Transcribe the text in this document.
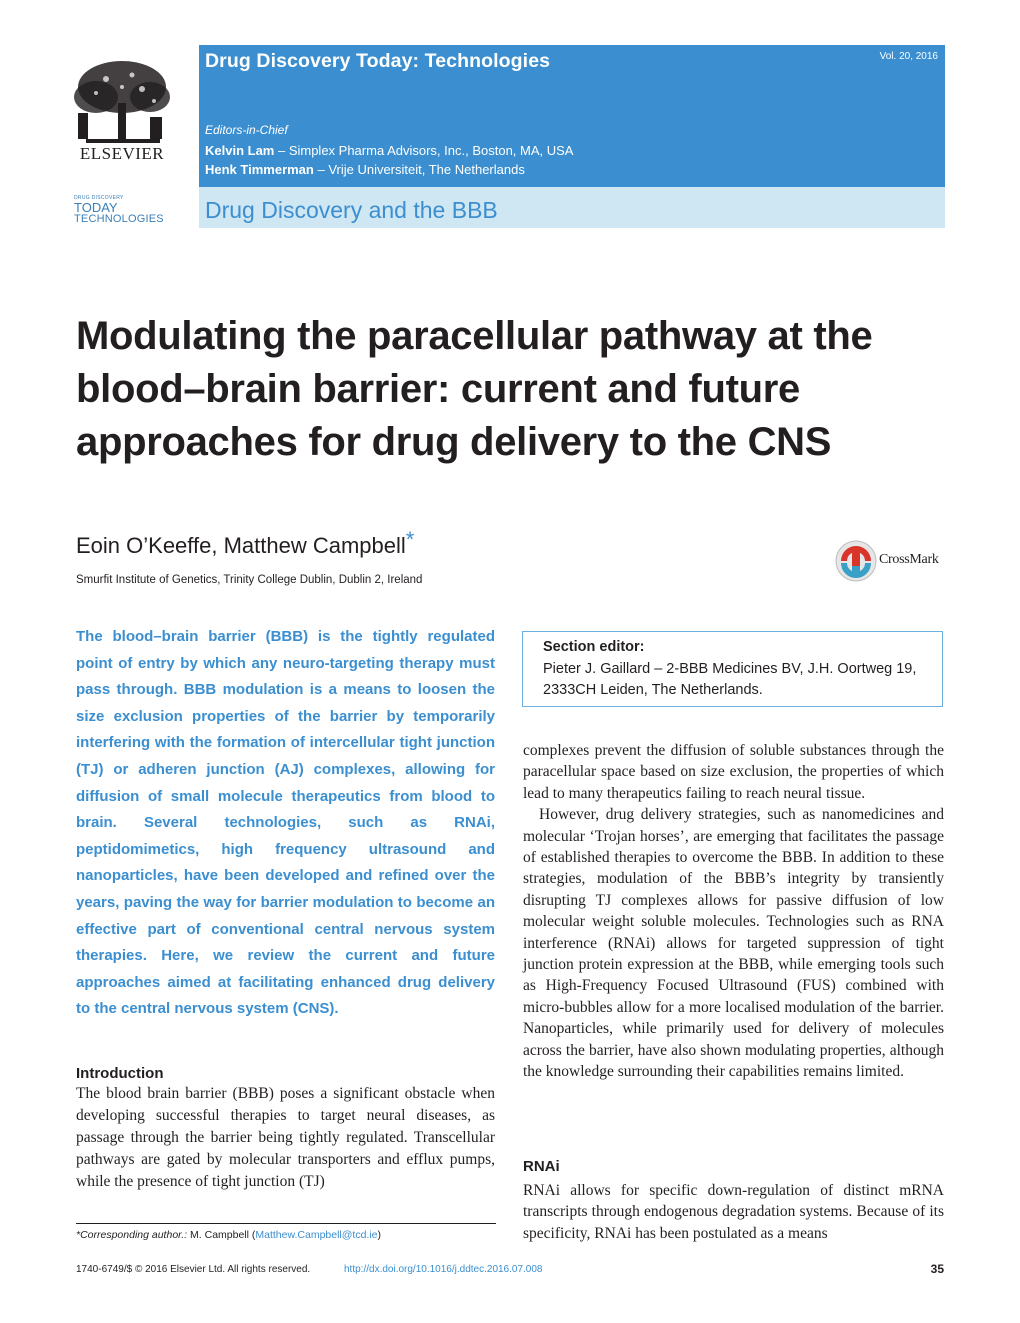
ELSEVIER
DRUG DISCOVERY
TODAY
TECHNOLOGIES
Drug Discovery Today: Technologies	Vol. 20, 2016
Editors-in-Chief
Kelvin Lam – Simplex Pharma Advisors, Inc., Boston, MA, USA
Henk Timmerman – Vrije Universiteit, The Netherlands
Drug Discovery and the BBB
Modulating the paracellular pathway at the blood–brain barrier: current and future approaches for drug delivery to the CNS
Eoin O’Keeffe, Matthew Campbell*
Smurfit Institute of Genetics, Trinity College Dublin, Dublin 2, Ireland
CrossMark
The blood–brain barrier (BBB) is the tightly regulated point of entry by which any neuro-targeting therapy must pass through. BBB modulation is a means to loosen the size exclusion properties of the barrier by temporarily interfering with the formation of intercellular tight junction (TJ) or adheren junction (AJ) complexes, allowing for diffusion of small molecule therapeutics from blood to brain. Several technologies, such as RNAi, peptidomimetics, high frequency ultrasound and nanoparticles, have been developed and refined over the years, paving the way for barrier modulation to become an effective part of conventional central nervous system therapies. Here, we review the current and future approaches aimed at facilitating enhanced drug delivery to the central nervous system (CNS).
Section editor:
Pieter J. Gaillard – 2-BBB Medicines BV, J.H. Oortweg 19, 2333CH Leiden, The Netherlands.
Introduction
The blood brain barrier (BBB) poses a significant obstacle when developing successful therapies to target neural diseases, as passage through the barrier being tightly regulated. Transcellular pathways are gated by molecular transporters and efflux pumps, while the presence of tight junction (TJ)

complexes prevent the diffusion of soluble substances through the paracellular space based on size exclusion, the properties of which lead to many therapeutics failing to reach neural tissue.

However, drug delivery strategies, such as nanomedicines and molecular ‘Trojan horses’, are emerging that facilitates the passage of established therapies to overcome the BBB. In addition to these strategies, modulation of the BBB’s integrity by transiently disrupting TJ complexes allows for passive diffusion of low molecular weight soluble molecules. Technologies such as RNA interference (RNAi) allows for targeted suppression of tight junction protein expression at the BBB, while emerging tools such as High-Frequency Focused Ultrasound (FUS) combined with micro-bubbles allow for a more localised modulation of the barrier. Nanoparticles, while primarily used for delivery of molecules across the barrier, have also shown modulating properties, although the knowledge surrounding their capabilities remains limited.

RNAi
RNAi allows for specific down-regulation of distinct mRNA transcripts through endogenous degradation systems. Because of its specificity, RNAi has been postulated as a means
*Corresponding author.: M. Campbell (Matthew.Campbell@tcd.ie)
1740-6749/$ © 2016 Elsevier Ltd. All rights reserved.	http://dx.doi.org/10.1016/j.ddtec.2016.07.008	35
